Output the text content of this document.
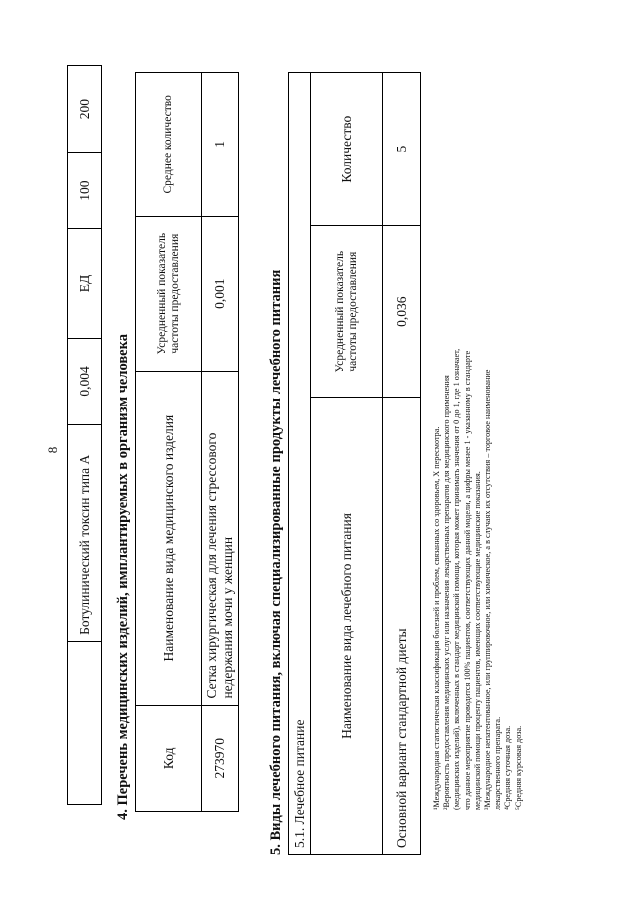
8
	Ботулинический токсин типа А	0,004	ЕД	100	200
4. Перечень медицинских изделий, имплантируемых в организм человека Код	Наименование вида медицинского изделия	Усредненный показатель частоты предоставления	Среднее количество
273970	Сетка хирургическая для лечения стрессового недержания мочи у женщин	0,001	1
5. Виды лечебного питания, включая специализированные продукты лечебного питания 5.1. Лечебное питание		
Наименование вида лечебного питания	Усредненный показатель частоты предоставления	Количество
Основной вариант стандартной диеты	0,036	5

¹Международная статистическая классификация болезней и проблем, связанных со здоровьем, X пересмотра. ²Вероятность предоставления медицинских услуг или назначения лекарственных препаратов для медицинского применения (медицинских изделий), включенных в стандарт медицинской помощи, которая может принимать значения от 0 до 1, где 1 означает, что данное мероприятие проводится 100% пациентов, соответствующих данной модели, а цифры менее 1 - указанному в стандарте медицинской помощи проценту пациентов, имеющих соответствующие медицинские показания. ³Международное непатентованное, или группировочное, или химическое, а в случаях их отсутствия – торговое наименование лекарственного препарата. ⁴Средняя суточная доза. ⁵Средняя курсовая доза.
